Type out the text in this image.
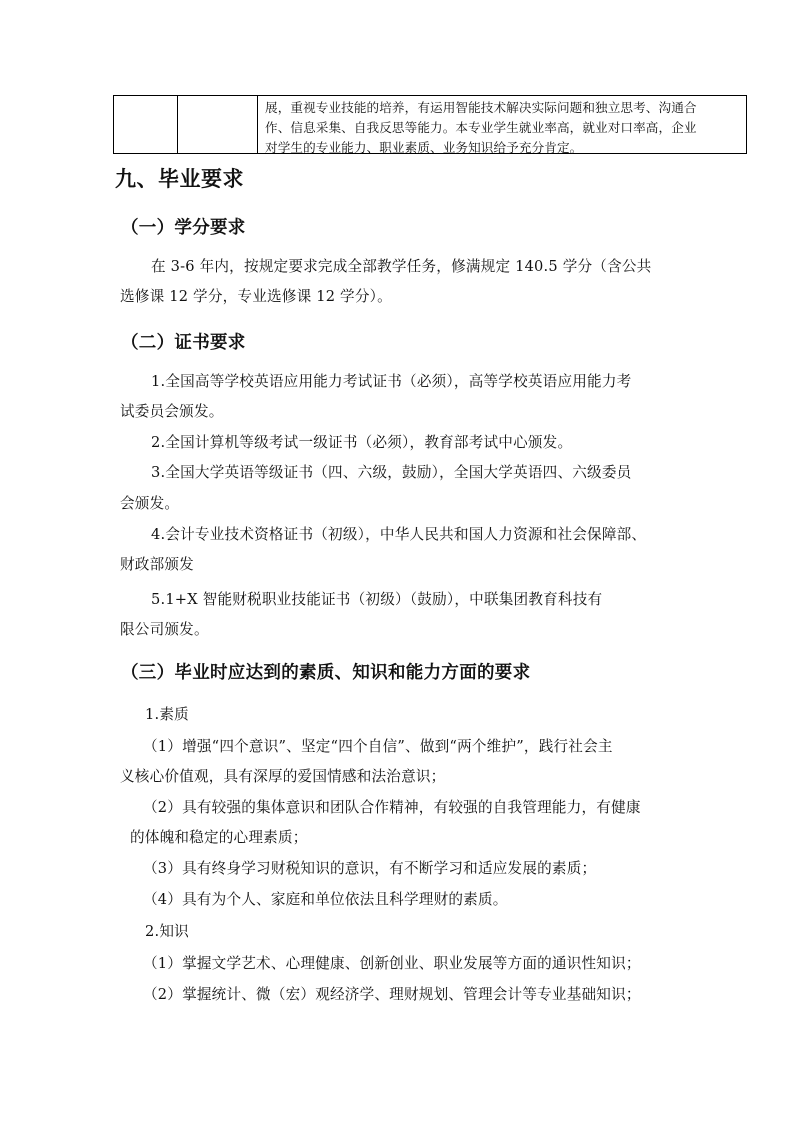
展，重视专业技能的培养，有运用智能技术解决实际问题和独立思考、沟通合
作、信息采集、自我反思等能力。本专业学生就业率高，就业对口率高，企业
对学生的专业能力、职业素质、业务知识给予充分肯定。
九、毕业要求
（一）学分要求
在 3-6 年内，按规定要求完成全部教学任务，修满规定 140.5 学分（含公共
选修课 12 学分，专业选修课 12 学分）。
（二）证书要求
1.全国高等学校英语应用能力考试证书（必须），高等学校英语应用能力考
试委员会颁发。
2.全国计算机等级考试一级证书（必须），教育部考试中心颁发。
3.全国大学英语等级证书（四、六级，鼓励），全国大学英语四、六级委员
会颁发。
4.会计专业技术资格证书（初级），中华人民共和国人力资源和社会保障部、
财政部颁发
5.1+X 智能财税职业技能证书（初级）（鼓励），中联集团教育科技有
限公司颁发。
（三）毕业时应达到的素质、知识和能力方面的要求
1.素质
（1）增强“四个意识”、坚定“四个自信”、做到“两个维护”，践行社会主
义核心价值观，具有深厚的爱国情感和法治意识；
（2）具有较强的集体意识和团队合作精神，有较强的自我管理能力，有健康
的体魄和稳定的心理素质；
（3）具有终身学习财税知识的意识，有不断学习和适应发展的素质；
（4）具有为个人、家庭和单位依法且科学理财的素质。
2.知识
（1）掌握文学艺术、心理健康、创新创业、职业发展等方面的通识性知识；
（2）掌握统计、微（宏）观经济学、理财规划、管理会计等专业基础知识；
